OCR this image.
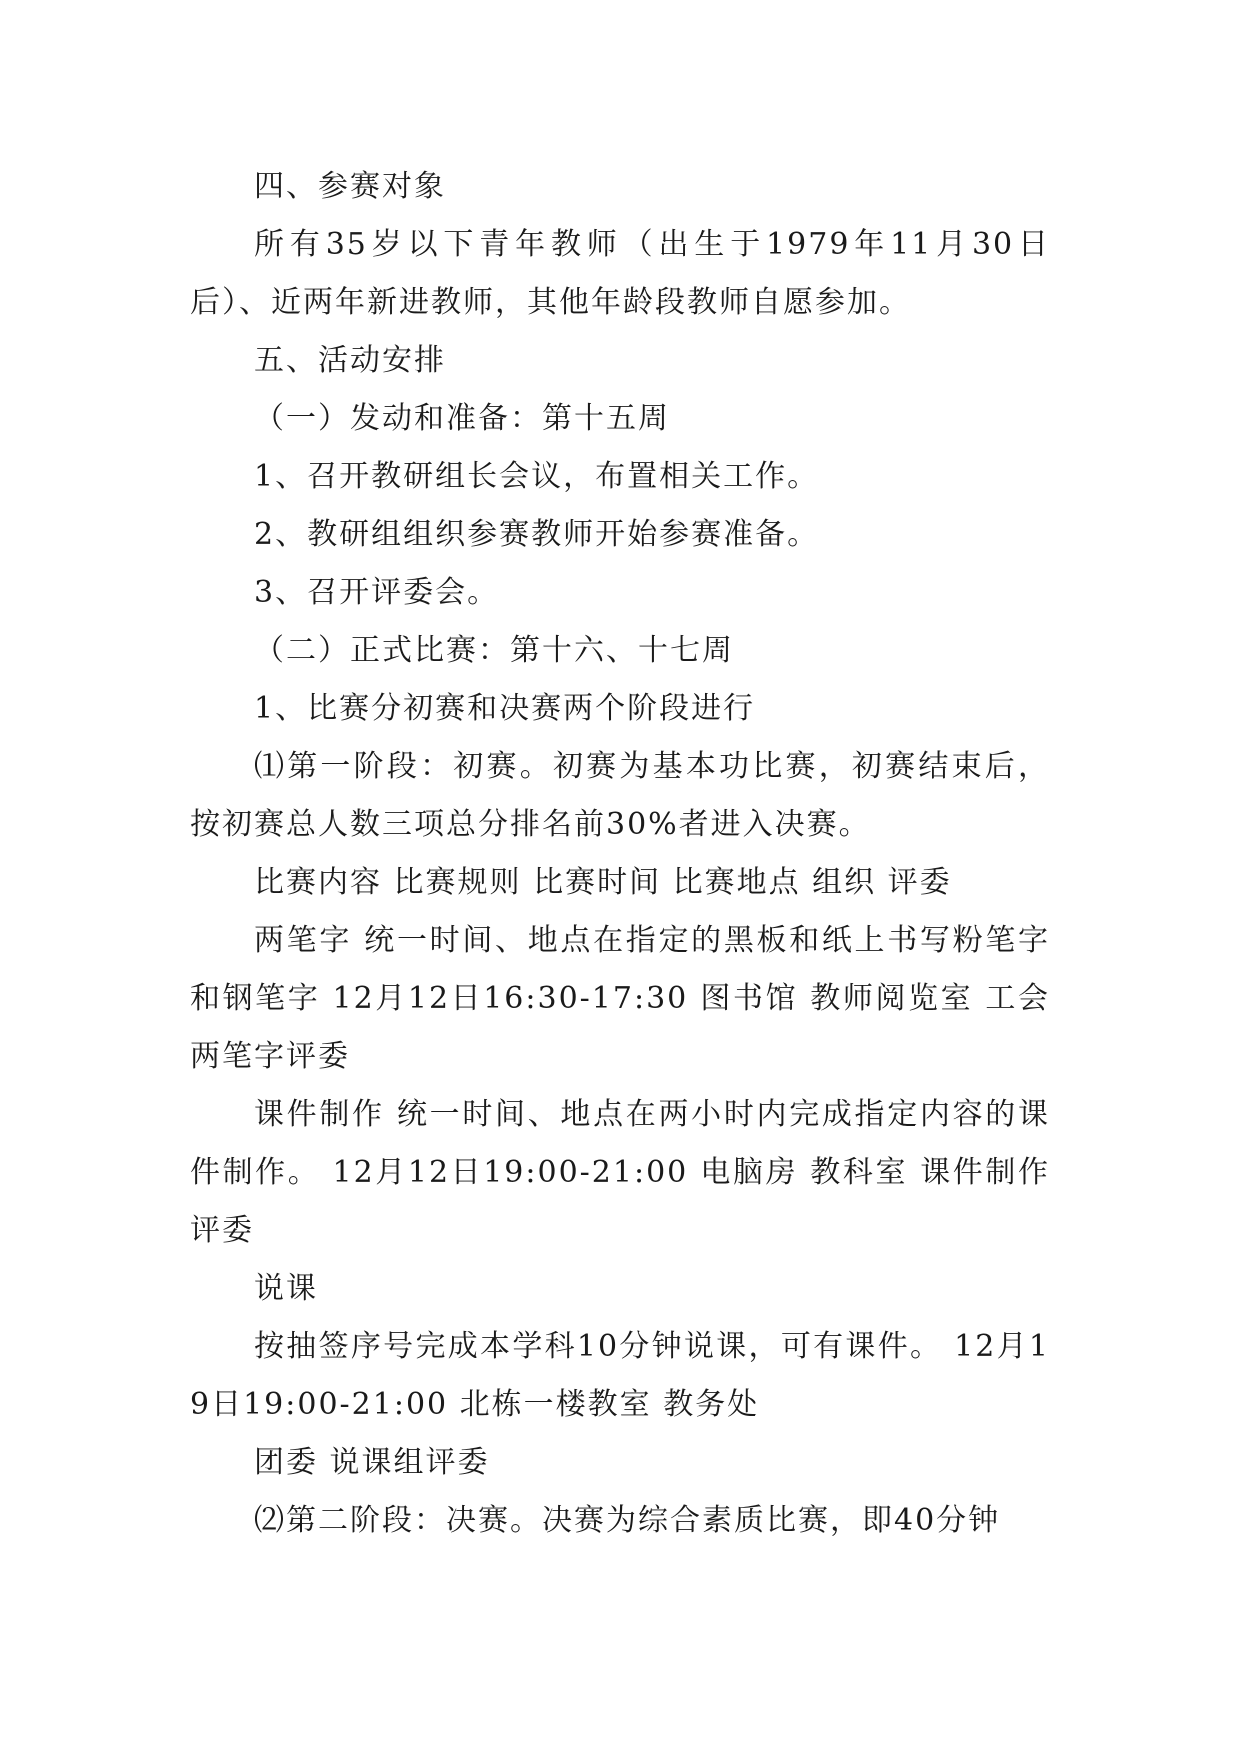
四、参赛对象

所有35岁以下青年教师（出生于1979年11月30日后）、近两年新进教师，其他年龄段教师自愿参加。

五、活动安排

（一）发动和准备：第十五周

1、召开教研组长会议，布置相关工作。

2、教研组组织参赛教师开始参赛准备。

3、召开评委会。

（二）正式比赛：第十六、十七周

1、比赛分初赛和决赛两个阶段进行

⑴第一阶段：初赛。初赛为基本功比赛，初赛结束后，按初赛总人数三项总分排名前30%者进入决赛。

比赛内容 比赛规则 比赛时间 比赛地点 组织 评委

两笔字 统一时间、地点在指定的黑板和纸上书写粉笔字和钢笔字 12月12日16:30-17:30 图书馆 教师阅览室 工会 两笔字评委

课件制作 统一时间、地点在两小时内完成指定内容的课件制作。 12月12日19:00-21:00 电脑房 教科室 课件制作评委

说课

按抽签序号完成本学科10分钟说课，可有课件。 12月19日19:00-21:00 北栋一楼教室 教务处

团委 说课组评委

⑵第二阶段：决赛。决赛为综合素质比赛，即40分钟
